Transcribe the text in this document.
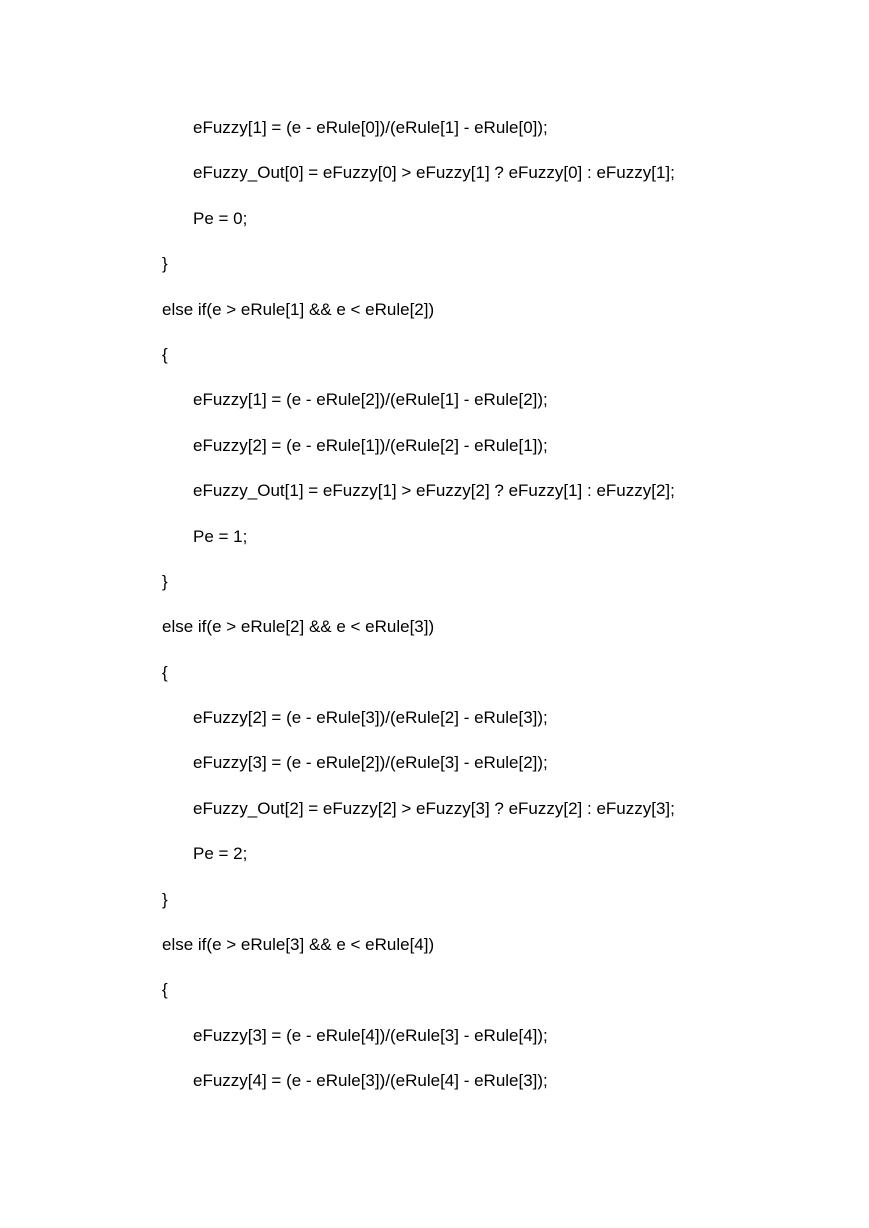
eFuzzy[1] = (e - eRule[0])/(eRule[1] - eRule[0]);
eFuzzy_Out[0] = eFuzzy[0] > eFuzzy[1] ? eFuzzy[0] : eFuzzy[1];
Pe = 0;
}
else if(e > eRule[1] && e < eRule[2])
{
eFuzzy[1] = (e - eRule[2])/(eRule[1] - eRule[2]);
eFuzzy[2] = (e - eRule[1])/(eRule[2] - eRule[1]);
eFuzzy_Out[1] = eFuzzy[1] > eFuzzy[2] ? eFuzzy[1] : eFuzzy[2];
Pe = 1;
}
else if(e > eRule[2] && e < eRule[3])
{
eFuzzy[2] = (e - eRule[3])/(eRule[2] - eRule[3]);
eFuzzy[3] = (e - eRule[2])/(eRule[3] - eRule[2]);
eFuzzy_Out[2] = eFuzzy[2] > eFuzzy[3] ? eFuzzy[2] : eFuzzy[3];
Pe = 2;
}
else if(e > eRule[3] && e < eRule[4])
{
eFuzzy[3] = (e - eRule[4])/(eRule[3] - eRule[4]);
eFuzzy[4] = (e - eRule[3])/(eRule[4] - eRule[3]);
